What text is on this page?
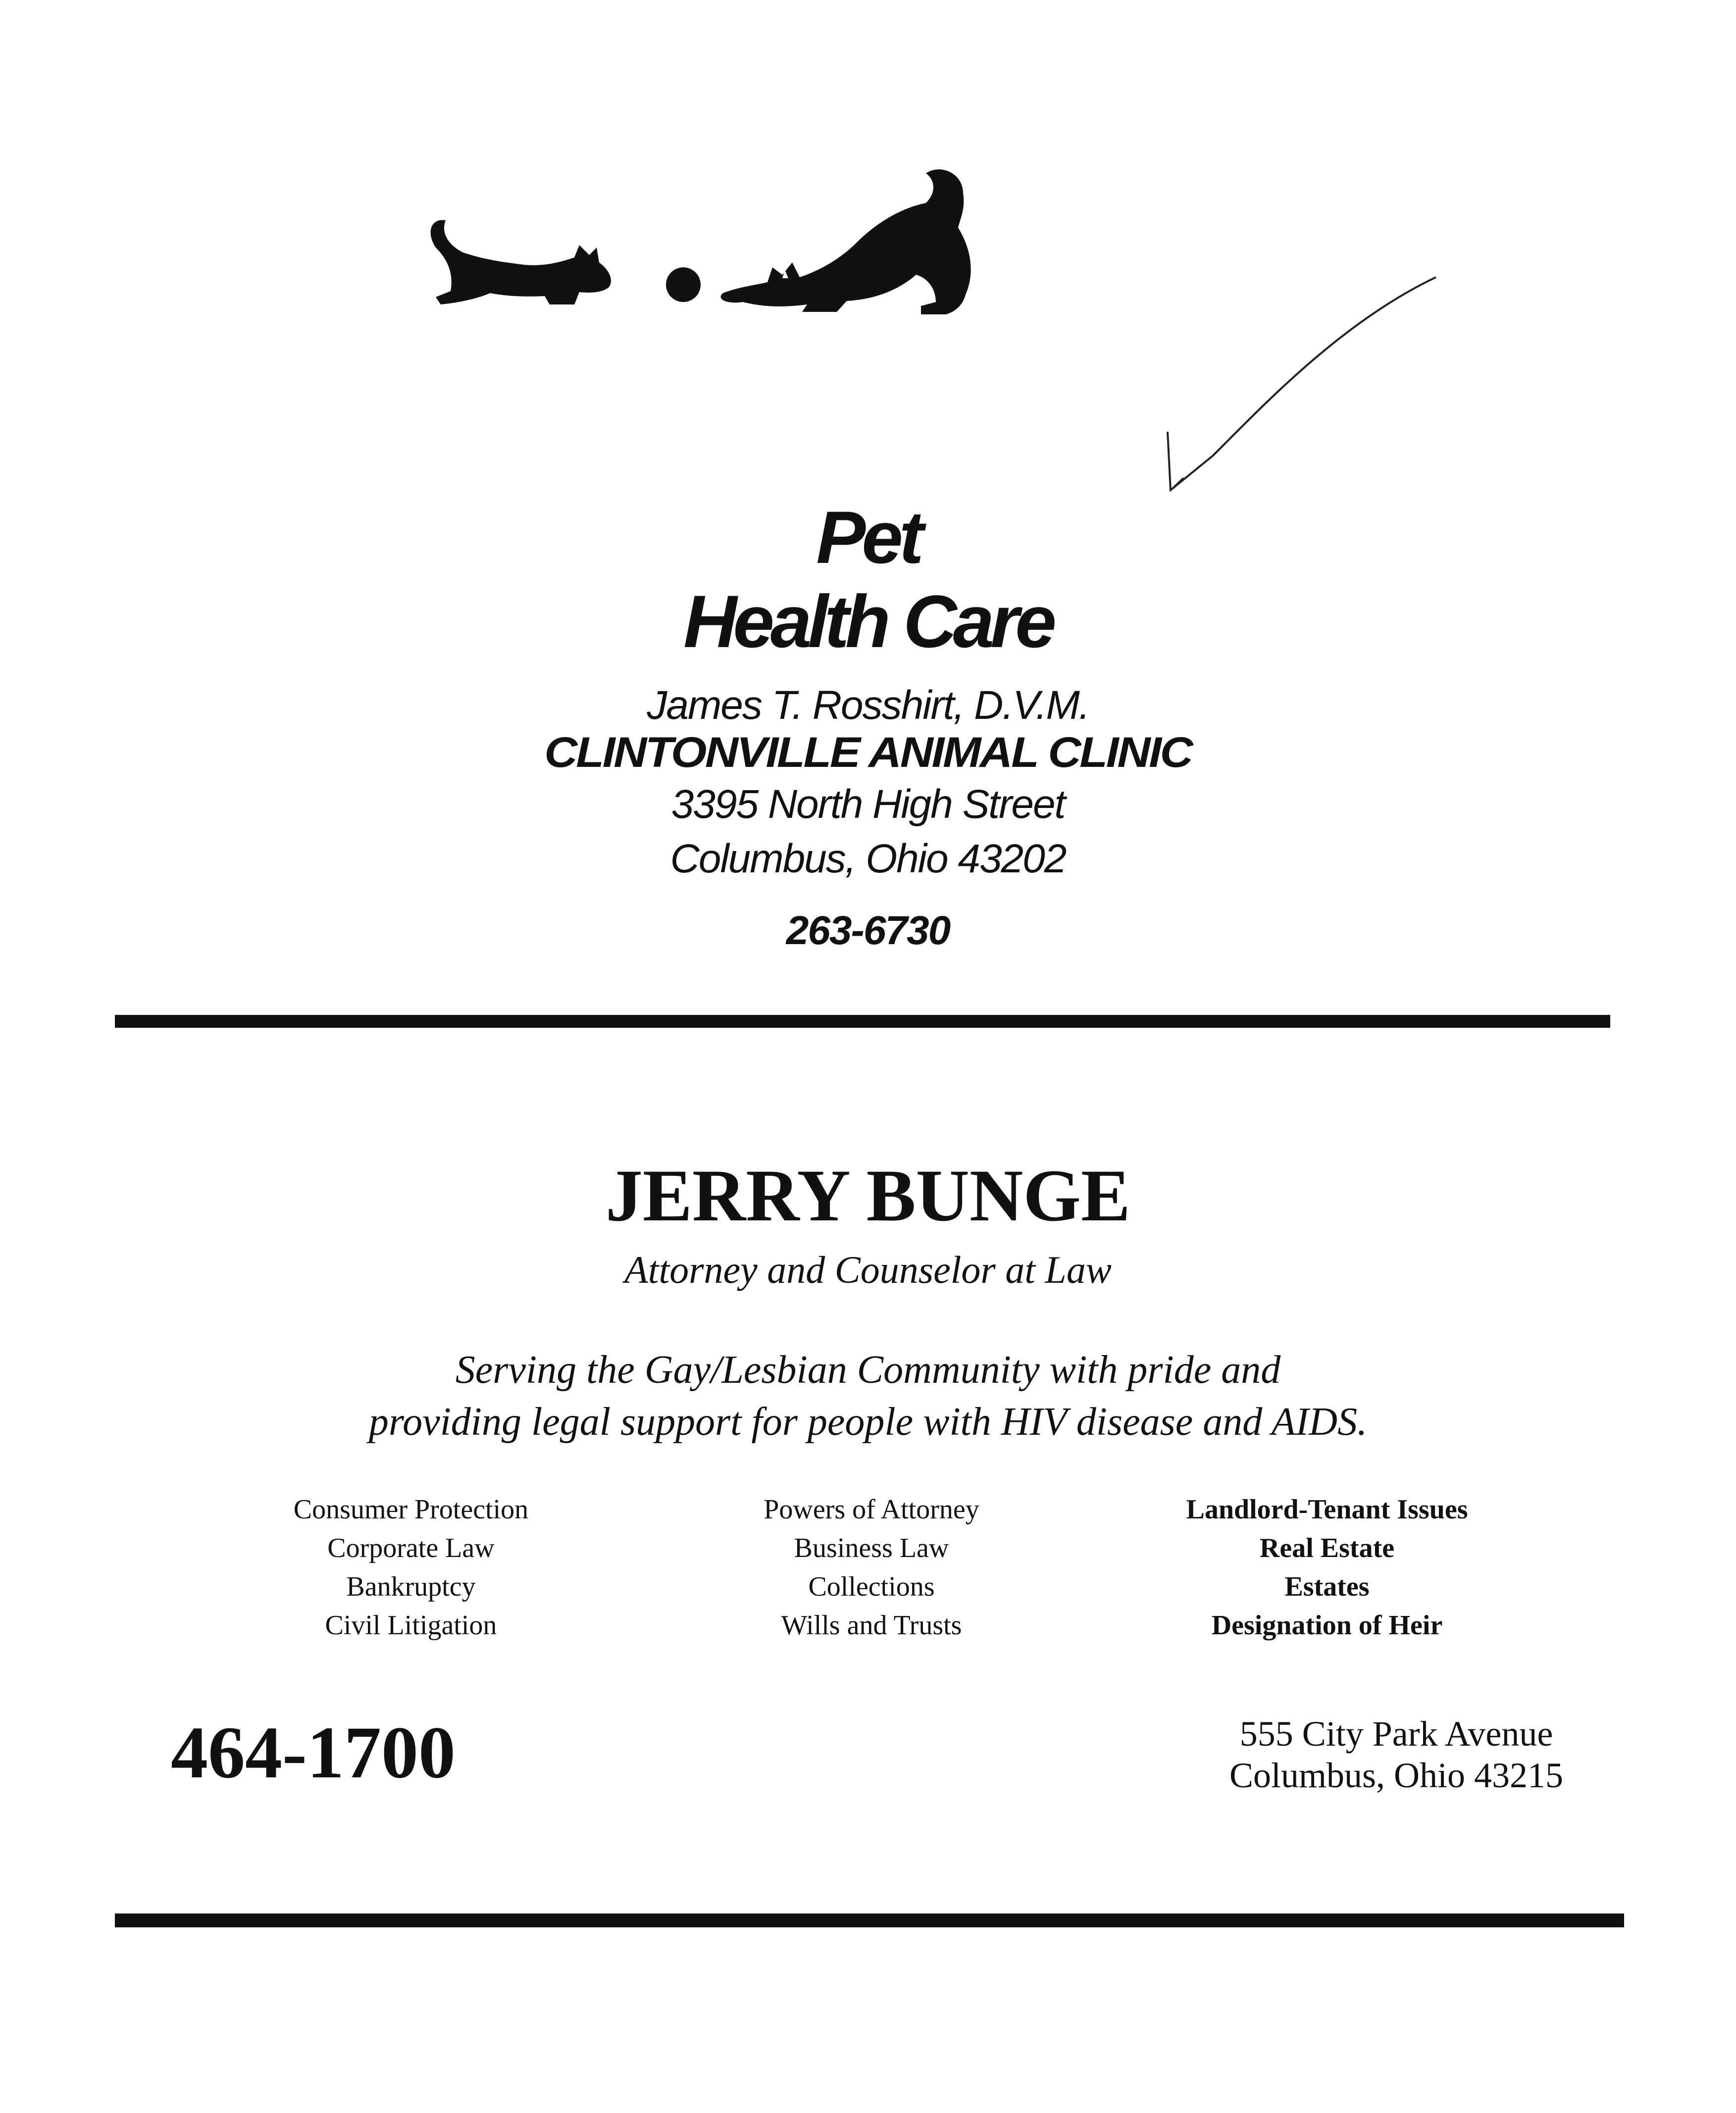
Pet
Health Care
James T. Rosshirt, D.V.M.
CLINTONVILLE ANIMAL CLINIC
3395 North High Street
Columbus, Ohio 43202
263-6730
JERRY BUNGE
Attorney and Counselor at Law
Serving the Gay/Lesbian Community with pride and
providing legal support for people with HIV disease and AIDS.
Consumer Protection
Corporate Law
Bankruptcy
Civil Litigation
Powers of Attorney
Business Law
Collections
Wills and Trusts
Landlord-Tenant Issues
Real Estate
Estates
Designation of Heir
464-1700	555 City Park Avenue
Columbus, Ohio 43215
